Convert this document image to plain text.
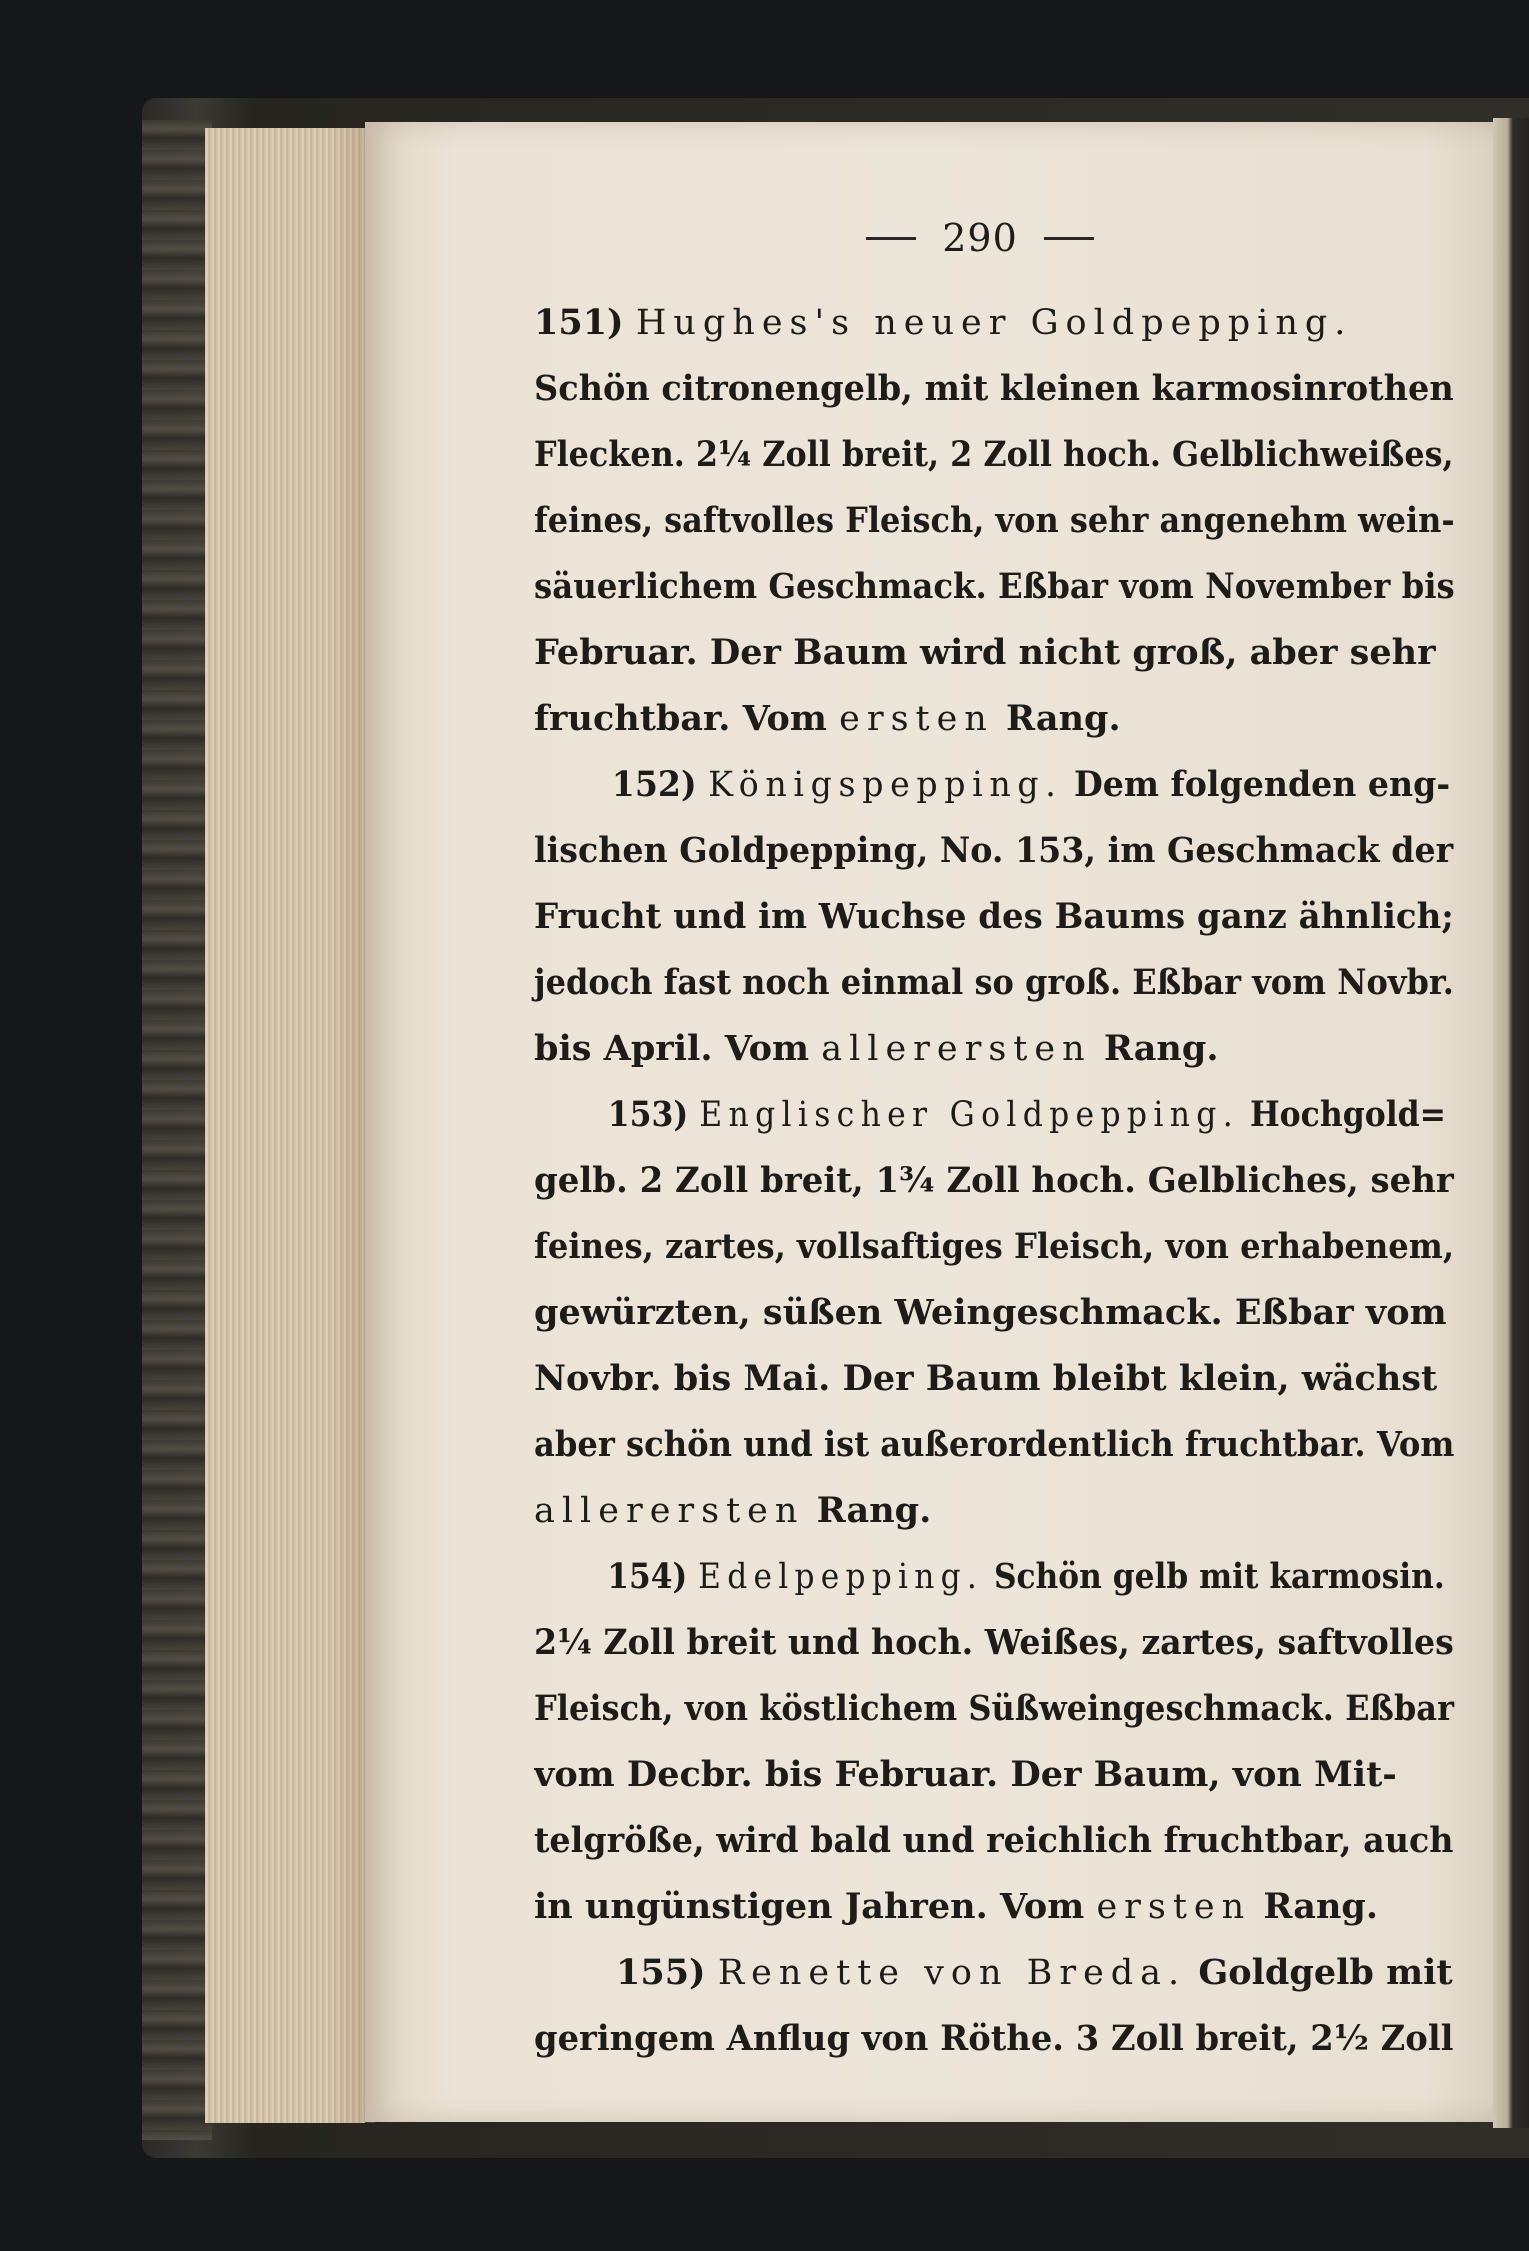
290
151) Hughes's neuer Goldpepping.
Schön citronengelb, mit kleinen karmosinrothen
Flecken. 2¼ Zoll breit, 2 Zoll hoch. Gelblichweißes,
feines, saftvolles Fleisch, von sehr angenehm wein-
säuerlichem Geschmack. Eßbar vom November bis
Februar. Der Baum wird nicht groß, aber sehr
fruchtbar. Vom ersten Rang.
152) Königspepping. Dem folgenden eng-
lischen Goldpepping, No. 153, im Geschmack der
Frucht und im Wuchse des Baums ganz ähnlich;
jedoch fast noch einmal so groß. Eßbar vom Novbr.
bis April. Vom allerersten Rang.
153) Englischer Goldpepping. Hochgold=
gelb. 2 Zoll breit, 1¾ Zoll hoch. Gelbliches, sehr
feines, zartes, vollsaftiges Fleisch, von erhabenem,
gewürzten, süßen Weingeschmack. Eßbar vom
Novbr. bis Mai. Der Baum bleibt klein, wächst
aber schön und ist außerordentlich fruchtbar. Vom
allerersten Rang.
154) Edelpepping. Schön gelb mit karmosin.
2¼ Zoll breit und hoch. Weißes, zartes, saftvolles
Fleisch, von köstlichem Süßweingeschmack. Eßbar
vom Decbr. bis Februar. Der Baum, von Mit-
telgröße, wird bald und reichlich fruchtbar, auch
in ungünstigen Jahren. Vom ersten Rang.
155) Renette von Breda. Goldgelb mit
geringem Anflug von Röthe. 3 Zoll breit, 2½ Zoll
